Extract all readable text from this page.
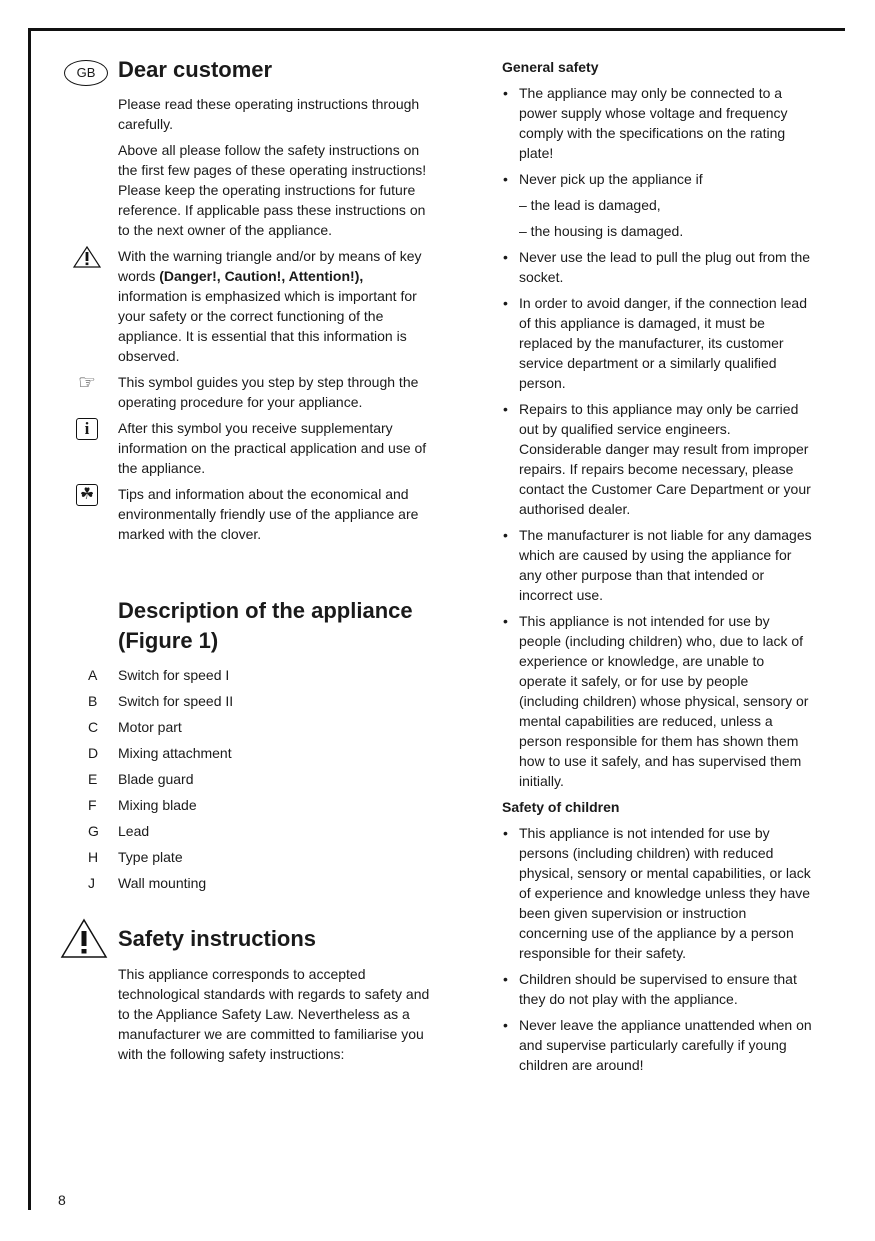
GB	Dear customer

Please read these operating instructions through carefully.

Above all please follow the safety instructions on the first few pages of these operating instructions! Please keep the operating instructions for future reference. If applicable pass these instructions on to the next owner of the appliance.

With the warning triangle and/or by means of key words (Danger!, Caution!, Attention!), information is emphasized which is important for your safety or the correct functioning of the appliance. It is essential that this information is observed.
☞	This symbol guides you step by step through the operating procedure for your appliance.
i	After this symbol you receive supplementary information on the practical application and use of the appliance.
☘ Tips and information about the economical and environmentally friendly use of the appliance are marked with the clover.
Description of the appliance
(Figure 1)
A	Switch for speed I
B	Switch for speed II
C	Motor part
D	Mixing attachment
E	Blade guard
F	Mixing blade
G	Lead
H	Type plate
J	Wall mounting
Safety instructions

This appliance corresponds to accepted technological standards with regards to safety and to the Appliance Safety Law. Nevertheless as a manufacturer we are committed to familiarise you with the following safety instructions:

General safety

• The appliance may only be connected to a power supply whose voltage and frequency comply with the specifications on the rating plate!

• Never pick up the appliance if

– the lead is damaged,

– the housing is damaged.

• Never use the lead to pull the plug out from the socket.

• In order to avoid danger, if the connection lead of this appliance is damaged, it must be replaced by the manufacturer, its customer service department or a similarly qualified person.

• Repairs to this appliance may only be carried out by qualified service engineers. Considerable danger may result from improper repairs. If repairs become necessary, please contact the Customer Care Department or your authorised dealer.

• The manufacturer is not liable for any damages which are caused by using the appliance for any other purpose than that intended or incorrect use.

• This appliance is not intended for use by people (including children) who, due to lack of experience or knowledge, are unable to operate it safely, or for use by people (including children) whose physical, sensory or mental capabilities are reduced, unless a person responsible for them has shown them how to use it safely, and has supervised them initially.

Safety of children

• This appliance is not intended for use by persons (including children) with reduced physical, sensory or mental capabilities, or lack of experience and knowledge unless they have been given supervision or instruction concerning use of the appliance by a person responsible for their safety.

• Children should be supervised to ensure that they do not play with the appliance.

• Never leave the appliance unattended when on and supervise particularly carefully if young children are around!

8
